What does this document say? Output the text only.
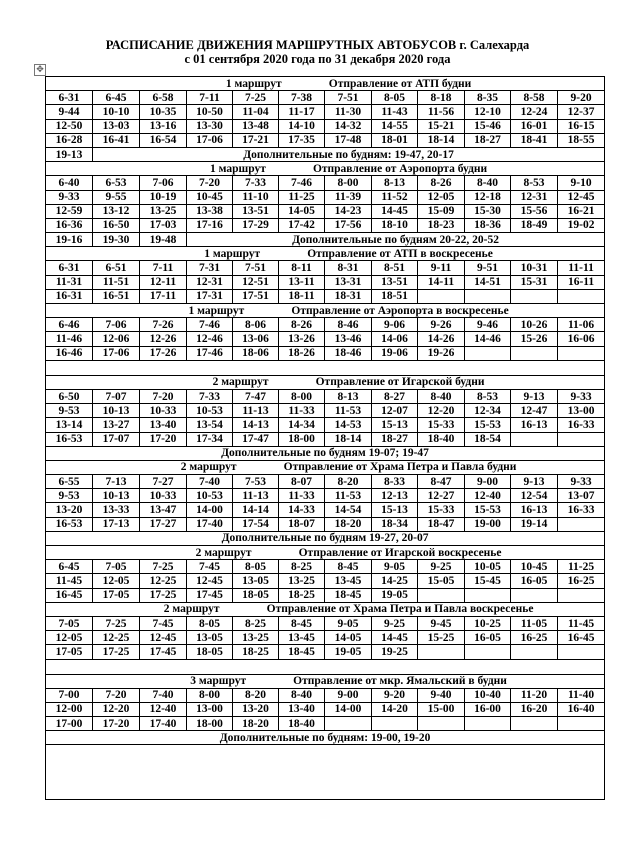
РАСПИСАНИЕ ДВИЖЕНИЯ МАРШРУТНЫХ АВТОБУСОВ г. Салехарда
с 01 сентября 2020 года по 31 декабря 2020 года
✥
1 маршрут Отправление от АТП будни											
6-31	6-45	6-58	7-11	7-25	7-38	7-51	8-05	8-18	8-35	8-58	9-20
9-44	10-10	10-35	10-50	11-04	11-17	11-30	11-43	11-56	12-10	12-24	12-37
12-50	13-03	13-16	13-30	13-48	14-10	14-32	14-55	15-21	15-46	16-01	16-15
16-28	16-41	16-54	17-06	17-21	17-35	17-48	18-01	18-14	18-27	18-41	18-55
19-13	Дополнительные по будням: 19-47, 20-17										
1 маршрут Отправление от Аэропорта будни											
6-40	6-53	7-06	7-20	7-33	7-46	8-00	8-13	8-26	8-40	8-53	9-10
9-33	9-55	10-19	10-45	11-10	11-25	11-39	11-52	12-05	12-18	12-31	12-45
12-59	13-12	13-25	13-38	13-51	14-05	14-23	14-45	15-09	15-30	15-56	16-21
16-36	16-50	17-03	17-16	17-29	17-42	17-56	18-10	18-23	18-36	18-49	19-02
19-16	19-30	19-48	Дополнительные по будням 20-22, 20-52								
1 маршрут Отправление от АТП в воскресенье											
6-31	6-51	7-11	7-31	7-51	8-11	8-31	8-51	9-11	9-51	10-31	11-11
11-31	11-51	12-11	12-31	12-51	13-11	13-31	13-51	14-11	14-51	15-31	16-11
16-31	16-51	17-11	17-31	17-51	18-11	18-31	18-51				
1 маршрут Отправление от Аэропорта в воскресенье											
6-46	7-06	7-26	7-46	8-06	8-26	8-46	9-06	9-26	9-46	10-26	11-06
11-46	12-06	12-26	12-46	13-06	13-26	13-46	14-06	14-26	14-46	15-26	16-06
16-46	17-06	17-26	17-46	18-06	18-26	18-46	19-06	19-26			

2 маршрут Отправление от Игарской будни											
6-50	7-07	7-20	7-33	7-47	8-00	8-13	8-27	8-40	8-53	9-13	9-33
9-53	10-13	10-33	10-53	11-13	11-33	11-53	12-07	12-20	12-34	12-47	13-00
13-14	13-27	13-40	13-54	14-13	14-34	14-53	15-13	15-33	15-53	16-13	16-33
16-53	17-07	17-20	17-34	17-47	18-00	18-14	18-27	18-40	18-54		
Дополнительные по будням 19-07; 19-47											
2 маршрут Отправление от Храма Петра и Павла будни											
6-55	7-13	7-27	7-40	7-53	8-07	8-20	8-33	8-47	9-00	9-13	9-33
9-53	10-13	10-33	10-53	11-13	11-33	11-53	12-13	12-27	12-40	12-54	13-07
13-20	13-33	13-47	14-00	14-14	14-33	14-54	15-13	15-33	15-53	16-13	16-33
16-53	17-13	17-27	17-40	17-54	18-07	18-20	18-34	18-47	19-00	19-14	
Дополнительные по будням 19-27, 20-07											
2 маршрут Отправление от Игарской воскресенье											
6-45	7-05	7-25	7-45	8-05	8-25	8-45	9-05	9-25	10-05	10-45	11-25
11-45	12-05	12-25	12-45	13-05	13-25	13-45	14-25	15-05	15-45	16-05	16-25
16-45	17-05	17-25	17-45	18-05	18-25	18-45	19-05				
2 маршрут Отправление от Храма Петра и Павла воскресенье											
7-05	7-25	7-45	8-05	8-25	8-45	9-05	9-25	9-45	10-25	11-05	11-45
12-05	12-25	12-45	13-05	13-25	13-45	14-05	14-45	15-25	16-05	16-25	16-45
17-05	17-25	17-45	18-05	18-25	18-45	19-05	19-25				

3 маршрут Отправление от мкр. Ямальский в будни											
7-00	7-20	7-40	8-00	8-20	8-40	9-00	9-20	9-40	10-40	11-20	11-40
12-00	12-20	12-40	13-00	13-20	13-40	14-00	14-20	15-00	16-00	16-20	16-40
17-00	17-20	17-40	18-00	18-20	18-40						
Дополнительные по будням: 19-00, 19-20											
